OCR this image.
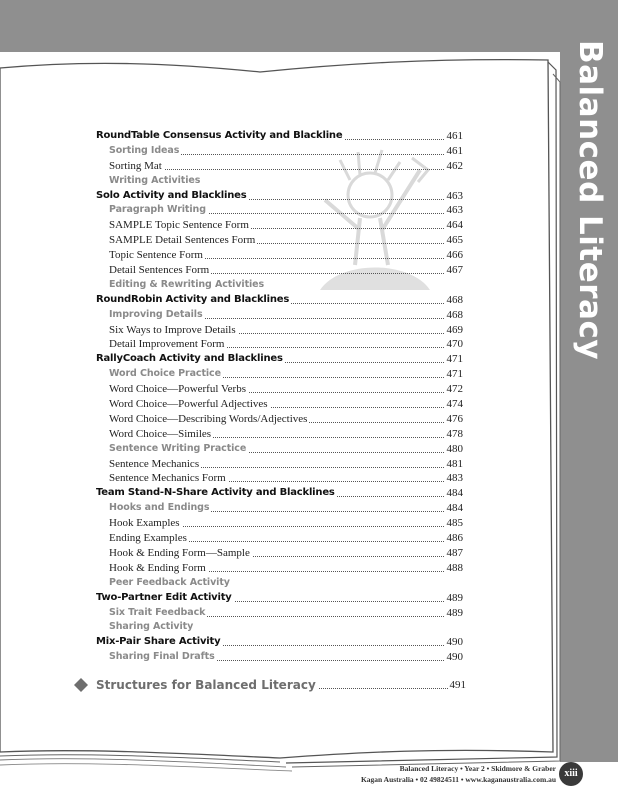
Balanced Literacy
RoundTable Consensus Activity and Blackline	461
Sorting Ideas	461
Sorting Mat	462
Writing Activities
Solo Activity and Blacklines	463
Paragraph Writing	463
SAMPLE Topic Sentence Form	464
SAMPLE Detail Sentences Form	465
Topic Sentence Form	466
Detail Sentences Form	467
Editing & Rewriting Activities
RoundRobin Activity and Blacklines	468
Improving Details	468
Six Ways to Improve Details	469
Detail Improvement Form	470
RallyCoach Activity and Blacklines	471
Word Choice Practice	471
Word Choice—Powerful Verbs	472
Word Choice—Powerful Adjectives	474
Word Choice—Describing Words/Adjectives	476
Word Choice—Similes	478
Sentence Writing Practice	480
Sentence Mechanics	481
Sentence Mechanics Form	483
Team Stand-N-Share Activity and Blacklines	484
Hooks and Endings	484
Hook Examples	485
Ending Examples	486
Hook & Ending Form—Sample	487
Hook & Ending Form	488
Peer Feedback Activity
Two-Partner Edit Activity	489
Six Trait Feedback	489
Sharing Activity
Mix-Pair Share Activity	490
Sharing Final Drafts	490
Structures for Balanced Literacy	491
Balanced Literacy • Year 2 • Skidmore & Graber
Kagan Australia • 02 49824511 • www.kaganaustralia.com.au
xiii
